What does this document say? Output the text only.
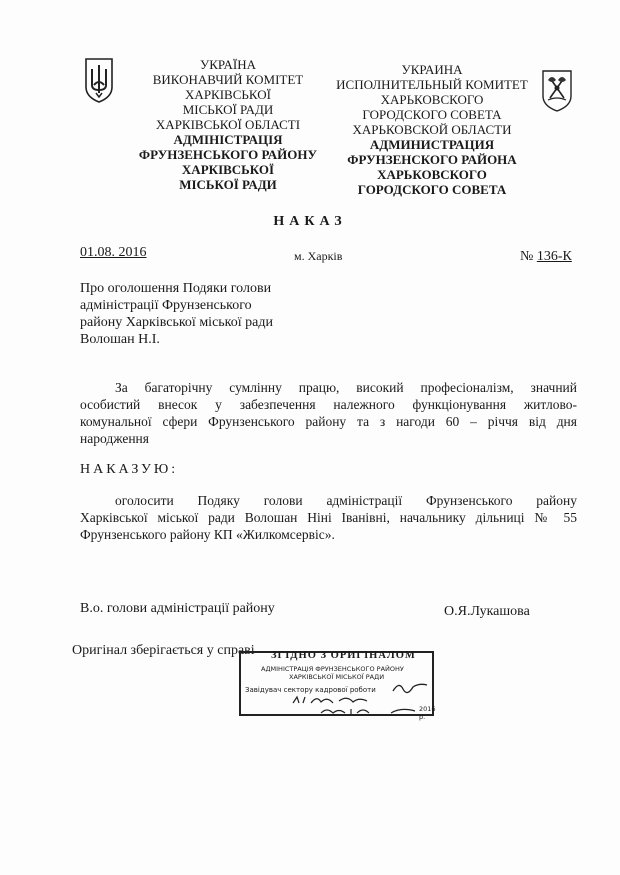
УКРАЇНА
ВИКОНАВЧИЙ КОМІТЕТ
ХАРКІВСЬКОЇ
МІСЬКОЇ РАДИ
ХАРКІВСЬКОЇ ОБЛАСТІ
АДМІНІСТРАЦІЯ
ФРУНЗЕНСЬКОГО РАЙОНУ
ХАРКІВСЬКОЇ
МІСЬКОЇ РАДИ
УКРАИНА
ИСПОЛНИТЕЛЬНЫЙ КОМИТЕТ
ХАРЬКОВСКОГО
ГОРОДСКОГО СОВЕТА
ХАРЬКОВСКОЙ ОБЛАСТИ
АДМИНИСТРАЦИЯ
ФРУНЗЕНСКОГО РАЙОНА
ХАРЬКОВСКОГО
ГОРОДСКОГО СОВЕТА
НАКАЗ
01.08. 2016	м. Харків	№ 136-К
Про оголошення Подяки голови
адміністрації Фрунзенського
району Харківської міської ради
Волошан Н.І.
За багаторічну сумлінну працю, високий професіоналізм, значний
особистий внесок у забезпечення належного функціонування житлово-
комунальної сфери Фрунзенського району та з нагоди 60 – річчя від дня
народження
НАКАЗУЮ:
оголосити Подяку голови адміністрації Фрунзенського району
Харківської міської ради Волошан Ніні Іванівні, начальнику дільниці № 55
Фрунзенського району КП «Жилкомсервіс».
В.о. голови адміністрації району	О.Я.Лукашова
Оригінал зберігається у справі ЗГІДНО З ОРИГІНАЛОМ
АДМІНІСТРАЦІЯ ФРУНЗЕНСЬКОГО РАЙОНУ
ХАРКІВСЬКОЇ МІСЬКОЇ РАДИ
Завідувач сектору кадрової роботи
2016 р.
